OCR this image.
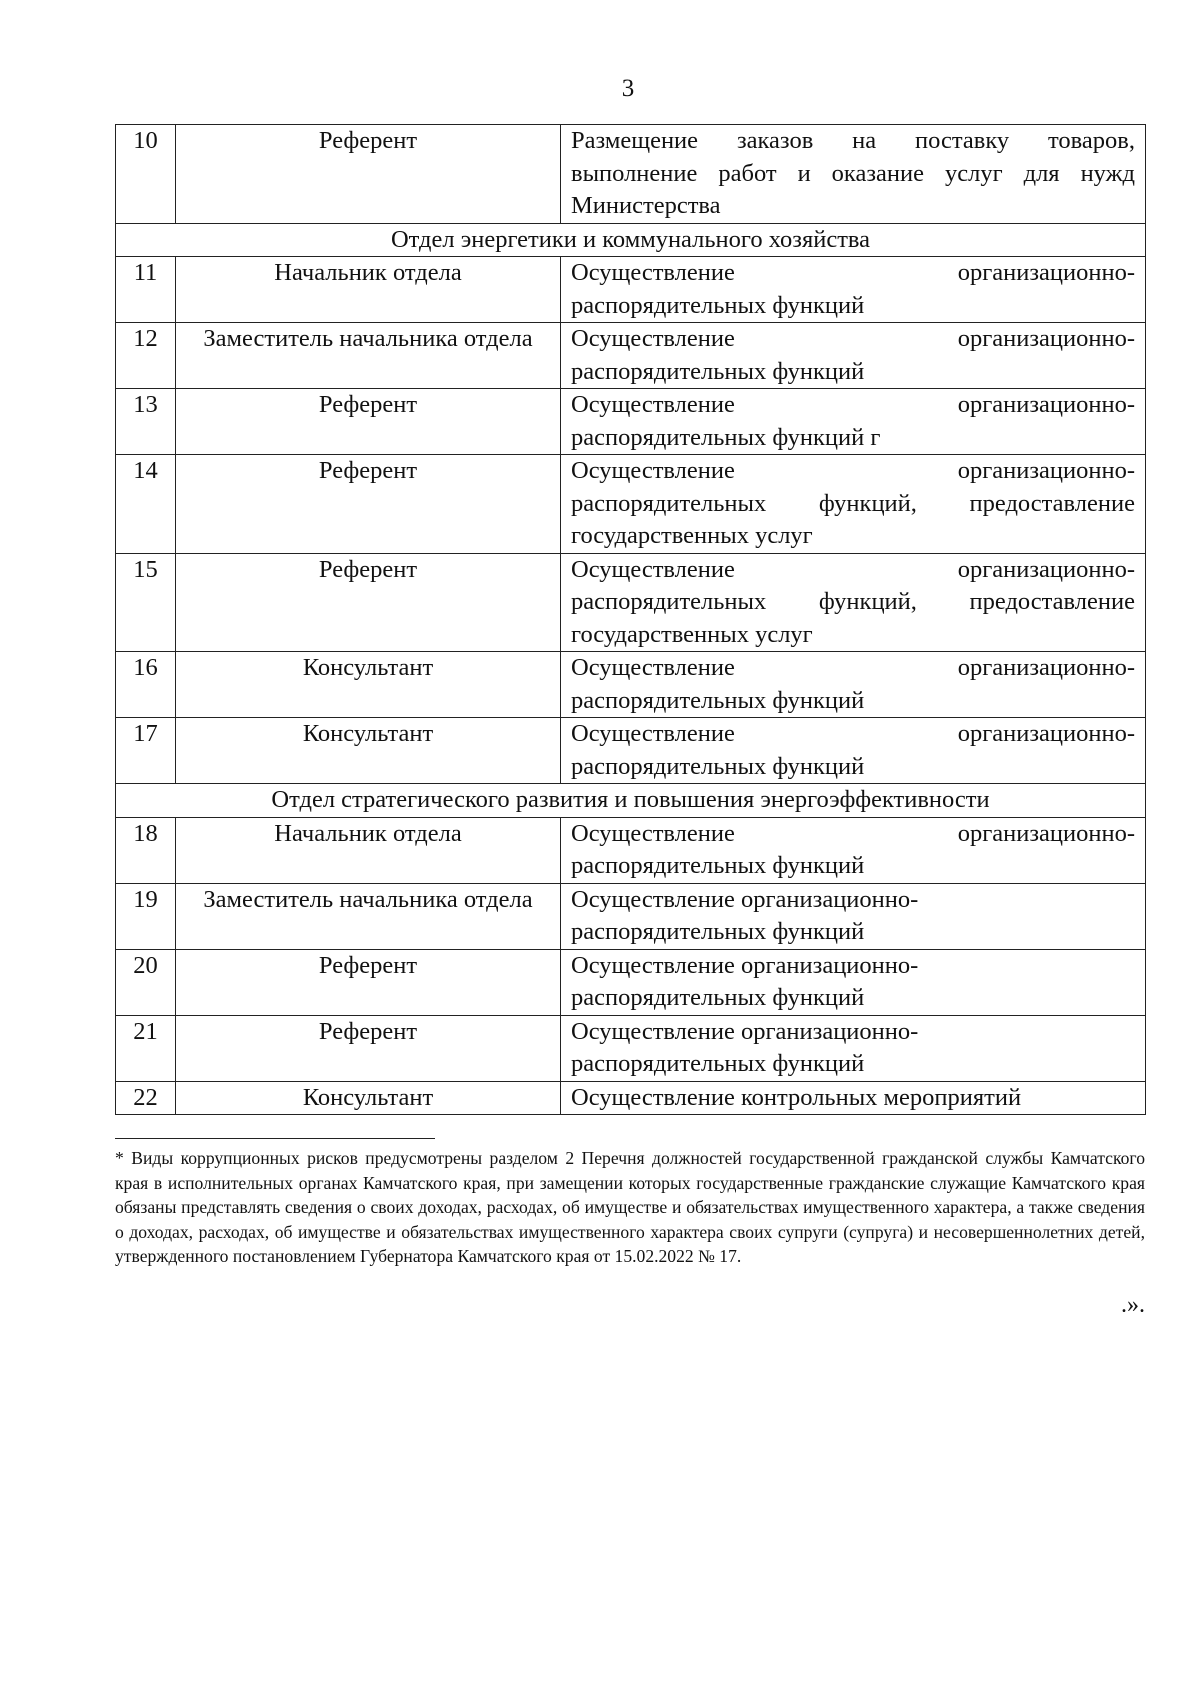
3
10	Референт	Размещение заказов на поставку товаров,
выполнение работ и оказание услуг для нужд
Министерства

Отдел энергетики и коммунального хозяйства		
11	Начальник отдела	Осуществление организационно-
распорядительных функций

12	Заместитель начальника отдела	Осуществление организационно-
распорядительных функций

13	Референт	Осуществление организационно-
распорядительных функций г

14	Референт	Осуществление организационно-
распорядительных функций, предоставление
государственных услуг

15	Референт	Осуществление организационно-
распорядительных функций, предоставление
государственных услуг

16	Консультант	Осуществление организационно-
распорядительных функций

17	Консультант	Осуществление организационно-
распорядительных функций

Отдел стратегического развития и повышения энергоэффективности		
18	Начальник отдела	Осуществление организационно-
распорядительных функций

19	Заместитель начальника отдела	Осуществление организационно-
распорядительных функций

20	Референт	Осуществление организационно-
распорядительных функций

21	Референт	Осуществление организационно-
распорядительных функций

22	Консультант	Осуществление контрольных мероприятий
* Виды коррупционных рисков предусмотрены разделом 2 Перечня должностей государственной гражданской службы Камчатского края в исполнительных органах Камчатского края, при замещении которых государственные гражданские служащие Камчатского края обязаны представлять сведения о своих доходах, расходах, об имуществе и обязательствах имущественного характера, а также сведения о доходах, расходах, об имуществе и обязательствах имущественного характера своих супруги (супруга) и несовершеннолетних детей, утвержденного постановлением Губернатора Камчатского края от 15.02.2022 № 17.
.».
